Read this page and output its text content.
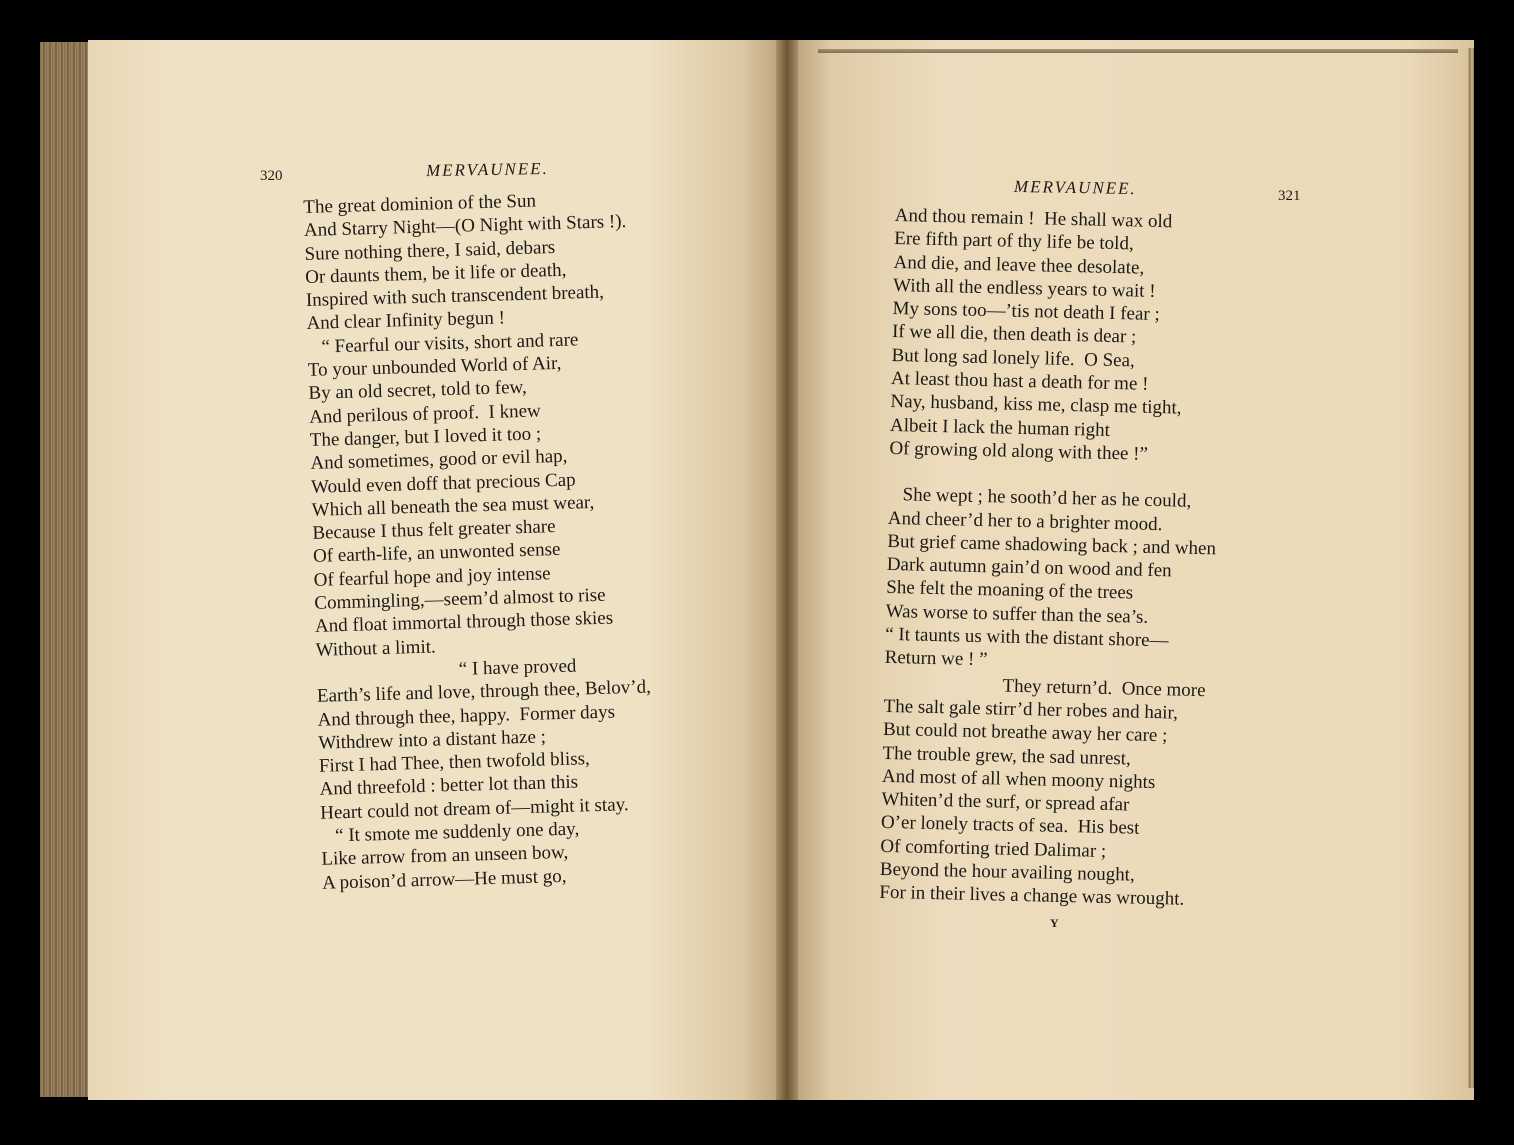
320	MERVAUNEE.
The great dominion of the Sun
And Starry Night—(O Night with Stars !).
Sure nothing there, I said, debars
Or daunts them, be it life or death,
Inspired with such transcendent breath,
And clear Infinity begun !
“ Fearful our visits, short and rare
To your unbounded World of Air,
By an old secret, told to few,
And perilous of proof.  I knew
The danger, but I loved it too ;
And sometimes, good or evil hap,
Would even doff that precious Cap
Which all beneath the sea must wear,
Because I thus felt greater share
Of earth-life, an unwonted sense
Of fearful hope and joy intense
Commingling,—seem’d almost to rise
And float immortal through those skies
Without a limit.
“ I have proved
Earth’s life and love, through thee, Belov’d,
And through thee, happy.  Former days
Withdrew into a distant haze ;
First I had Thee, then twofold bliss,
And threefold : better lot than this
Heart could not dream of—might it stay.
“ It smote me suddenly one day,
Like arrow from an unseen bow,
A poison’d arrow—He must go,
MERVAUNEE.	321
And thou remain !  He shall wax old
Ere fifth part of thy life be told,
And die, and leave thee desolate,
With all the endless years to wait !
My sons too—’tis not death I fear ;
If we all die, then death is dear ;
But long sad lonely life.  O Sea,
At least thou hast a death for me !
Nay, husband, kiss me, clasp me tight,
Albeit I lack the human right
Of growing old along with thee !”
She wept ; he sooth’d her as he could,
And cheer’d her to a brighter mood.
But grief came shadowing back ; and when
Dark autumn gain’d on wood and fen
She felt the moaning of the trees
Was worse to suffer than the sea’s.
“ It taunts us with the distant shore—
Return we ! ”
They return’d.  Once more
The salt gale stirr’d her robes and hair,
But could not breathe away her care ;
The trouble grew, the sad unrest,
And most of all when moony nights
Whiten’d the surf, or spread afar
O’er lonely tracts of sea.  His best
Of comforting tried Dalimar ;
Beyond the hour availing nought,
For in their lives a change was wrought.
Y
